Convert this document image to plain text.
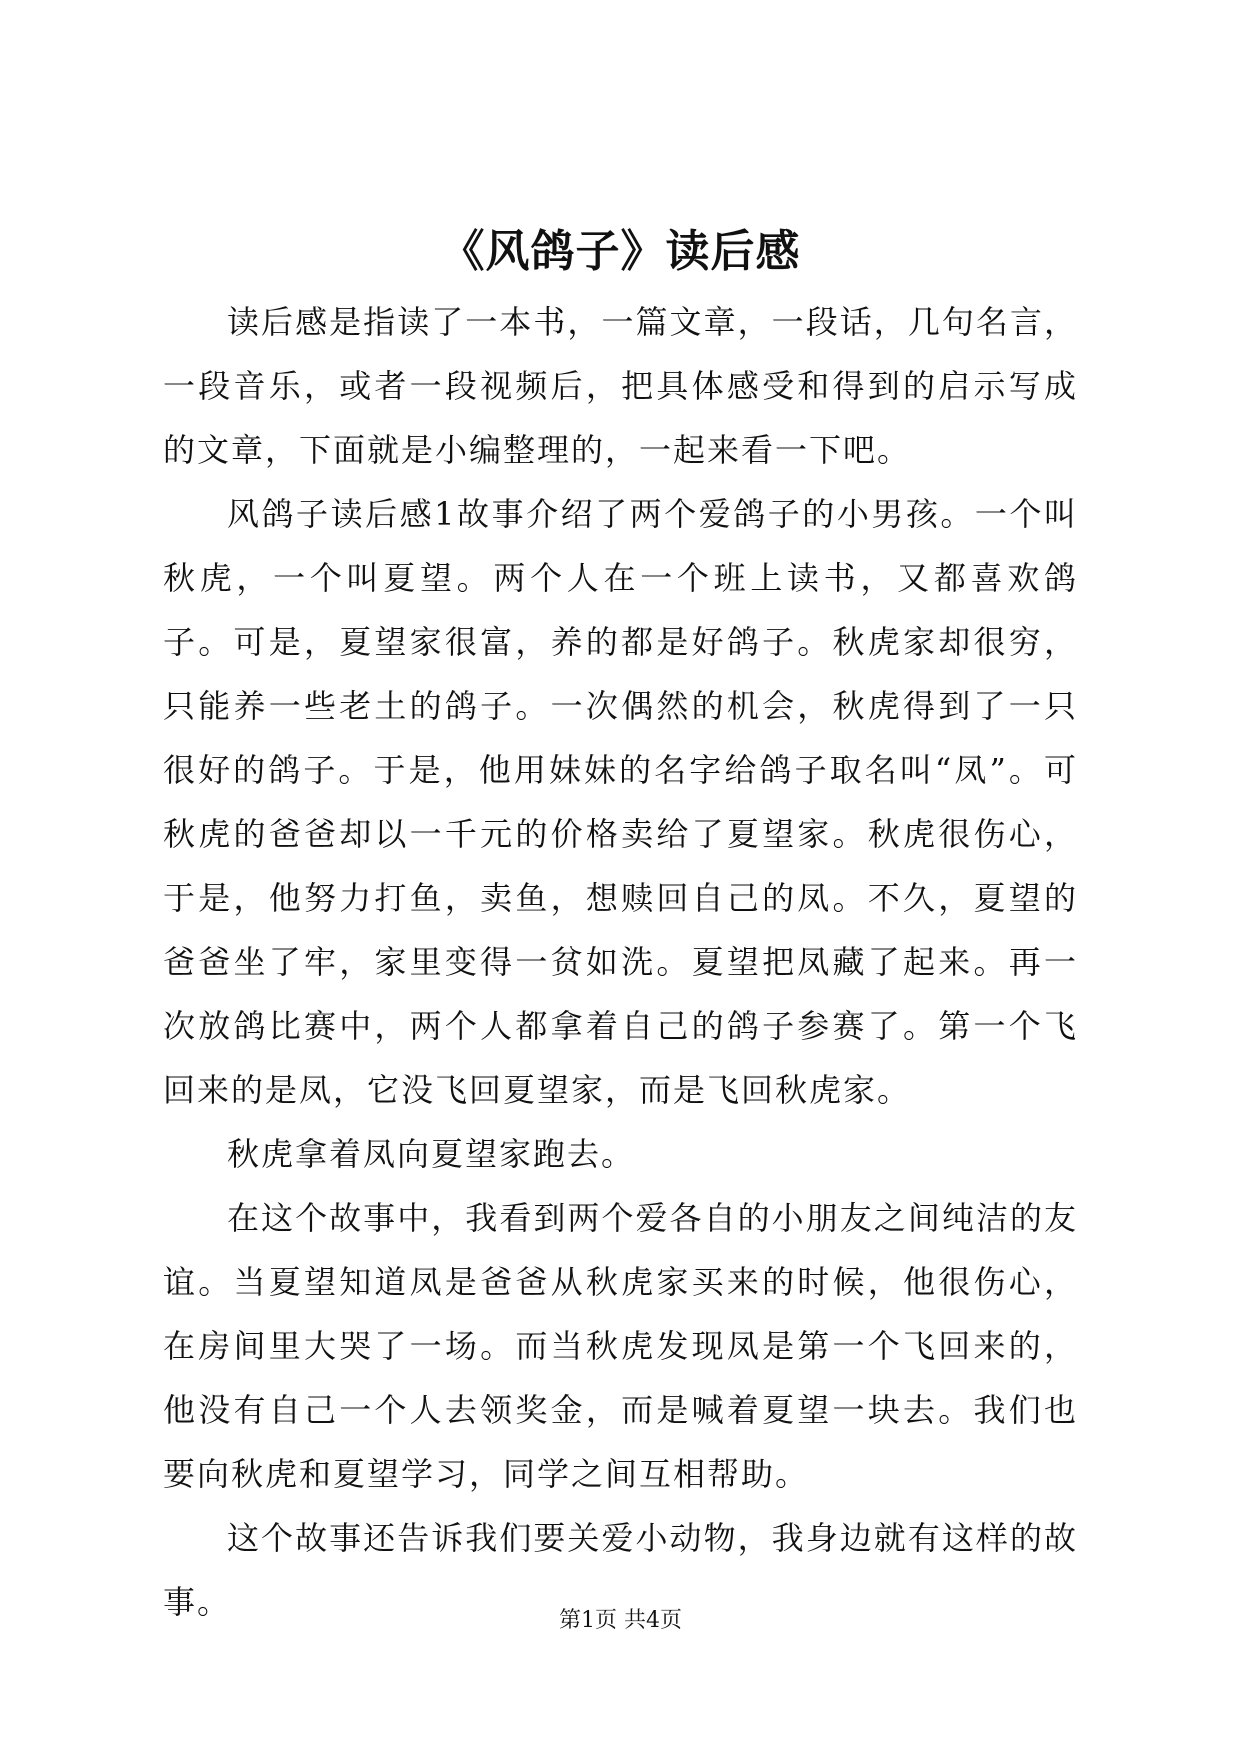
《风鸽子》读后感

读后感是指读了一本书，一篇文章，一段话，几句名言，一段音乐，或者一段视频后，把具体感受和得到的启示写成的文章，下面就是小编整理的，一起来看一下吧。

风鸽子读后感1故事介绍了两个爱鸽子的小男孩。一个叫秋虎，一个叫夏望。两个人在一个班上读书，又都喜欢鸽子。可是，夏望家很富，养的都是好鸽子。秋虎家却很穷，只能养一些老土的鸽子。一次偶然的机会，秋虎得到了一只很好的鸽子。于是，他用妹妹的名字给鸽子取名叫“凤”。可秋虎的爸爸却以一千元的价格卖给了夏望家。秋虎很伤心，于是，他努力打鱼，卖鱼，想赎回自己的凤。不久，夏望的爸爸坐了牢，家里变得一贫如洗。夏望把凤藏了起来。再一次放鸽比赛中，两个人都拿着自己的鸽子参赛了。第一个飞回来的是凤，它没飞回夏望家，而是飞回秋虎家。

秋虎拿着凤向夏望家跑去。

在这个故事中，我看到两个爱各自的小朋友之间纯洁的友谊。当夏望知道凤是爸爸从秋虎家买来的时候，他很伤心，在房间里大哭了一场。而当秋虎发现凤是第一个飞回来的，他没有自己一个人去领奖金，而是喊着夏望一块去。我们也要向秋虎和夏望学习，同学之间互相帮助。

这个故事还告诉我们要关爱小动物，我身边就有这样的故事。	第1页 共4页
